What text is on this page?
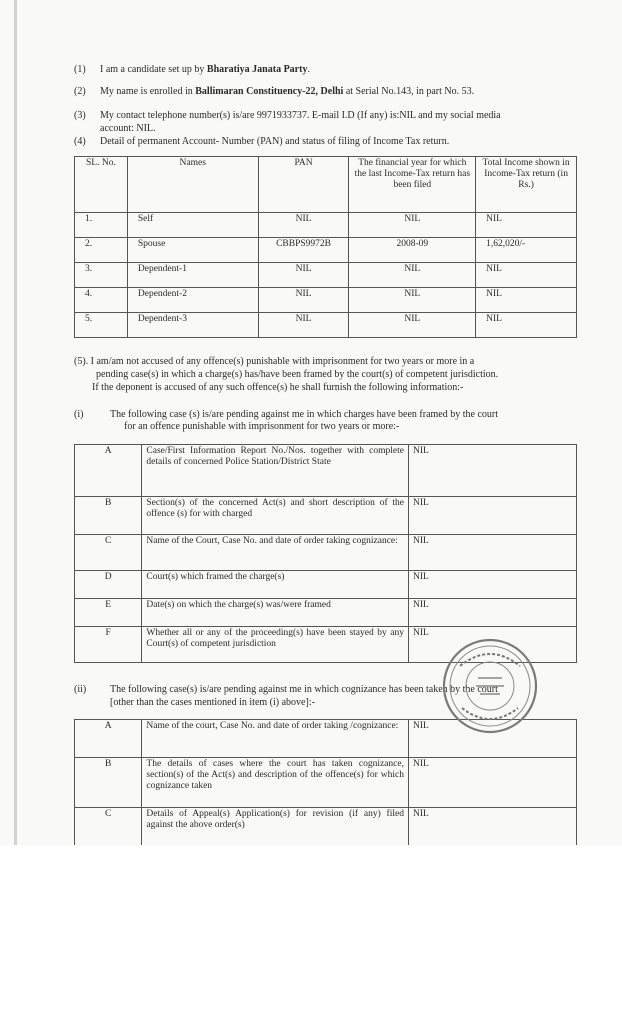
(1) I am a candidate set up by Bharatiya Janata Party.
(2) My name is enrolled in Ballimaran Constituency-22, Delhi at Serial No.143, in part No. 53.
(3) My contact telephone number(s) is/are 9971933737. E-mail I.D (If any) is:NIL and my social media
account: NIL.
(4) Detail of permanent Account- Number (PAN) and status of filing of Income Tax return.
SL. No.	Names	PAN	The financial year for which the last Income-Tax return has been filed	Total Income shown in Income-Tax return (in Rs.)
1.	Self	NIL	NIL	NIL
2.	Spouse	CBBPS9972B	2008-09	1,62,020/-
3.	Dependent-1	NIL	NIL	NIL
4.	Dependent-2	NIL	NIL	NIL
5.	Dependent-3	NIL	NIL	NIL
(5). I am/am not accused of any offence(s) punishable with imprisonment for two years or more in a
pending case(s) in which a charge(s) has/have been framed by the court(s) of competent jurisdiction.
If the deponent is accused of any such offence(s) he shall furnish the following information:-
(i)	The following case (s) is/are pending against me in which charges have been framed by the court
for an offence punishable with imprisonment for two years or more:-
A	Case/First Information Report No./Nos. together with complete details of concerned Police Station/District State	NIL
B	Section(s) of the concerned Act(s) and short description of the offence (s) for with charged	NIL
C	Name of the Court, Case No. and date of order taking cognizance:	NIL
D	Court(s) which framed the charge(s)	NIL
E	Date(s) on which the charge(s) was/were framed	NIL
F	Whether all or any of the proceeding(s) have been stayed by any Court(s) of competent jurisdiction	NIL
(ii) The following case(s) is/are pending against me in which cognizance has been taken by the court
[other than the cases mentioned in item (i) above]:-
A	Name of the court, Case No. and date of order taking /cognizance:	NIL
B	The details of cases where the court has taken cognizance, section(s) of the Act(s) and description of the offence(s) for which cognizance taken	NIL
C	Details of Appeal(s) Application(s) for revision (if any) filed against the above order(s)	NIL
